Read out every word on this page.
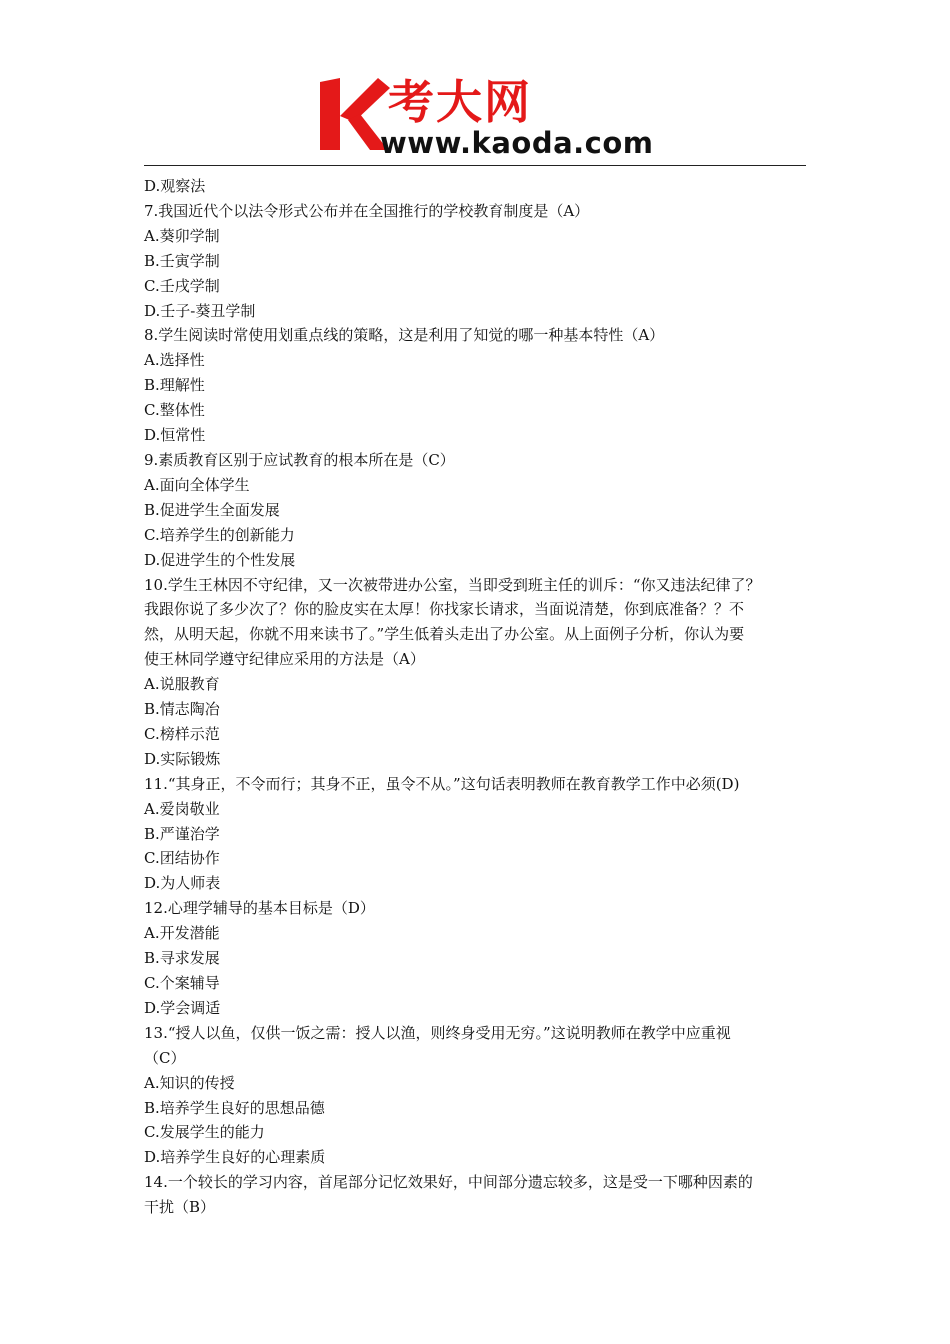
考大网
www.kaoda.com

D.观察法

7.我国近代个以法令形式公布并在全国推行的学校教育制度是（A）

A.葵卯学制

B.壬寅学制

C.壬戌学制

D.壬子-葵丑学制

8.学生阅读时常使用划重点线的策略，这是利用了知觉的哪一种基本特性（A）

A.选择性

B.理解性

C.整体性

D.恒常性

9.素质教育区别于应试教育的根本所在是（C）

A.面向全体学生

B.促进学生全面发展

C.培养学生的创新能力

D.促进学生的个性发展

10.学生王林因不守纪律，又一次被带进办公室，当即受到班主任的训斥：“你又违法纪律了？

我跟你说了多少次了？你的脸皮实在太厚！你找家长请求，当面说清楚，你到底准备？？不

然，从明天起，你就不用来读书了。”学生低着头走出了办公室。从上面例子分析，你认为要

使王林同学遵守纪律应采用的方法是（A）

A.说服教育

B.情志陶冶

C.榜样示范

D.实际锻炼

11.“其身正，不令而行；其身不正，虽令不从。”这句话表明教师在教育教学工作中必须(D)

A.爱岗敬业

B.严谨治学

C.团结协作

D.为人师表

12.心理学辅导的基本目标是（D）

A.开发潜能

B.寻求发展

C.个案辅导

D.学会调适

13.“授人以鱼，仅供一饭之需：授人以渔，则终身受用无穷。”这说明教师在教学中应重视

（C）

A.知识的传授

B.培养学生良好的思想品德

C.发展学生的能力

D.培养学生良好的心理素质

14.一个较长的学习内容，首尾部分记忆效果好，中间部分遗忘较多，这是受一下哪种因素的

干扰（B）
